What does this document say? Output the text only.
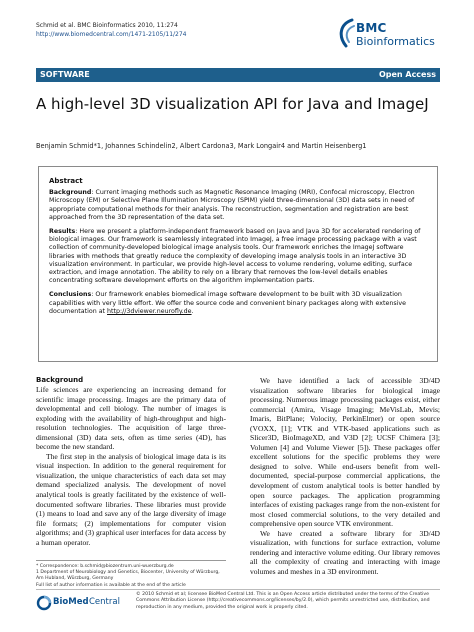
Schmid et al. BMC Bioinformatics 2010, 11:274
http://www.biomedcentral.com/1471-2105/11/274	BMC
Bioinformatics
SOFTWARE	Open Access
A high-level 3D visualization API for Java and ImageJ
Benjamin Schmid*1, Johannes Schindelin2, Albert Cardona3, Mark Longair4 and Martin Heisenberg1
Abstract

Background: Current imaging methods such as Magnetic Resonance Imaging (MRI), Confocal microscopy, Electron Microscopy (EM) or Selective Plane Illumination Microscopy (SPIM) yield three-dimensional (3D) data sets in need of appropriate computational methods for their analysis. The reconstruction, segmentation and registration are best approached from the 3D representation of the data set.

Results: Here we present a platform-independent framework based on Java and Java 3D for accelerated rendering of biological images. Our framework is seamlessly integrated into ImageJ, a free image processing package with a vast collection of community-developed biological image analysis tools. Our framework enriches the ImageJ software libraries with methods that greatly reduce the complexity of developing image analysis tools in an interactive 3D visualization environment. In particular, we provide high-level access to volume rendering, volume editing, surface extraction, and image annotation. The ability to rely on a library that removes the low-level details enables concentrating software development efforts on the algorithm implementation parts.

Conclusions: Our framework enables biomedical image software development to be built with 3D visualization capabilities with very little effort. We offer the source code and convenient binary packages along with extensive documentation at http://3dviewer.neurofly.de.

Background

Life sciences are experiencing an increasing demand for scientific image processing. Images are the primary data of developmental and cell biology. The number of images is exploding with the availability of high-throughput and high-resolution technologies. The acquisition of large three-dimensional (3D) data sets, often as time series (4D), has become the new standard.

The first step in the analysis of biological image data is its visual inspection. In addition to the general requirement for visualization, the unique characteristics of each data set may demand specialized analysis. The development of novel analytical tools is greatly facilitated by the existence of well-documented software libraries. These libraries must provide (1) means to load and save any of the large diversity of image file formats; (2) implementations for computer vision algorithms; and (3) graphical user interfaces for data access by a human operator.

We have identified a lack of accessible 3D/4D visualization software libraries for biological image processing. Numerous image processing packages exist, either commercial (Amira, Visage Imaging; MeVisLab, Mevis; Imaris, BitPlane; Volocity, PerkinElmer) or open source (VOXX, [1]; VTK and VTK-based applications such as Slicer3D, BioImageXD, and V3D [2]; UCSF Chimera [3]; Volumen [4] and Volume Viewer [5]). These packages offer excellent solutions for the specific problems they were designed to solve. While end-users benefit from well-documented, special-purpose commercial applications, the development of custom analytical tools is better handled by open source packages. The application programming interfaces of existing packages range from the non-existent for most closed commercial solutions, to the very detailed and comprehensive open source VTK environment.

We have created a software library for 3D/4D visualization, with functions for surface extraction, volume rendering and interactive volume editing. Our library removes all the complexity of creating and interacting with image volumes and meshes in a 3D environment.

* Correspondence: b.schmid@biozentrum.uni-wuerzburg.de
1 Department of Neurobiology and Genetics, Biocenter, University of Würzburg, Am Hubland, Würzburg, Germany
Full list of author information is available at the end of the article
BioMed Central
© 2010 Schmid et al; licensee BioMed Central Ltd. This is an Open Access article distributed under the terms of the Creative Commons Attribution License (http://creativecommons.org/licenses/by/2.0), which permits unrestricted use, distribution, and reproduction in any medium, provided the original work is properly cited.
